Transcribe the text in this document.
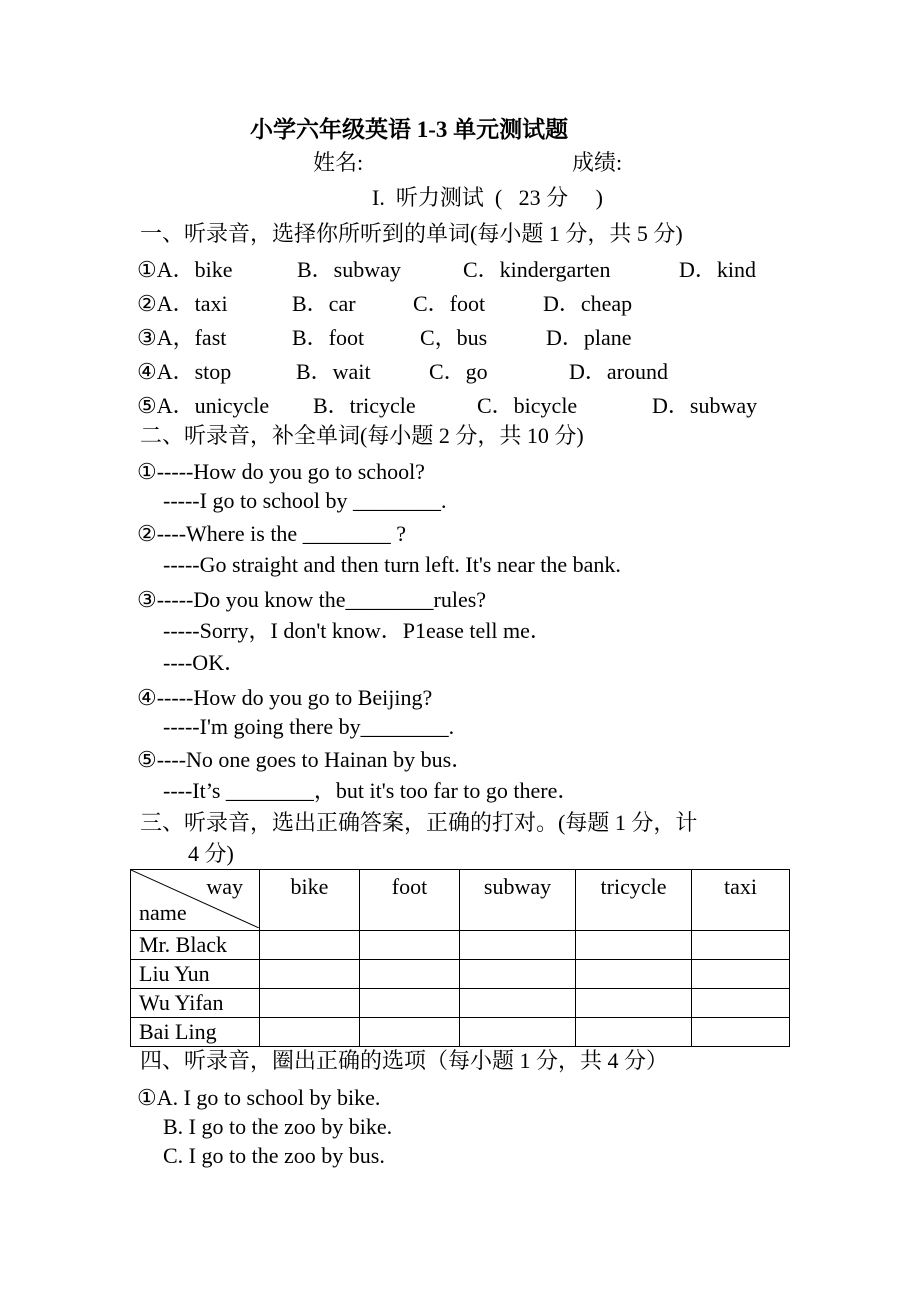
小学六年级英语 1-3 单元测试题
姓名:	成绩:
I.  听力测试  (   23 分     )
一、听录音，选择你所听到的单词(每小题 1 分，共 5 分)
①A．bike	B．subway	C．kindergarten	D．kind
②A．taxi	B．car	C．foot	D．cheap
③A，fast	B．foot	C，bus	D．plane
④A．stop	B．wait	C．go	D．around
⑤A．unicycle B．tricycle	C．bicycle	D．subway
二、听录音，补全单词(每小题 2 分，共 10 分)
①-----How do you go to school?
-----I go to school by ________.
②----Where is the ________ ?
-----Go straight and then turn left. It's near the bank.
③-----Do you know the________rules?
-----Sorry，I don't know．P1ease tell me．
----OK．
④-----How do you go to Beijing?
-----I'm going there by________.
⑤----No one goes to Hainan by bus．
----It’s ________，but it's too far to go there．
三、听录音，选出正确答案，正确的打对。(每题 1 分，计
4 分)
way
name	bike	foot	subway	tricycle	taxi
Mr. Black					
Liu Yun					
Wu Yifan					
Bai Ling					
四、听录音，圈出正确的选项（每小题 1 分，共 4 分）
①A. I go to school by bike.
B. I go to the zoo by bike.
C. I go to the zoo by bus.
